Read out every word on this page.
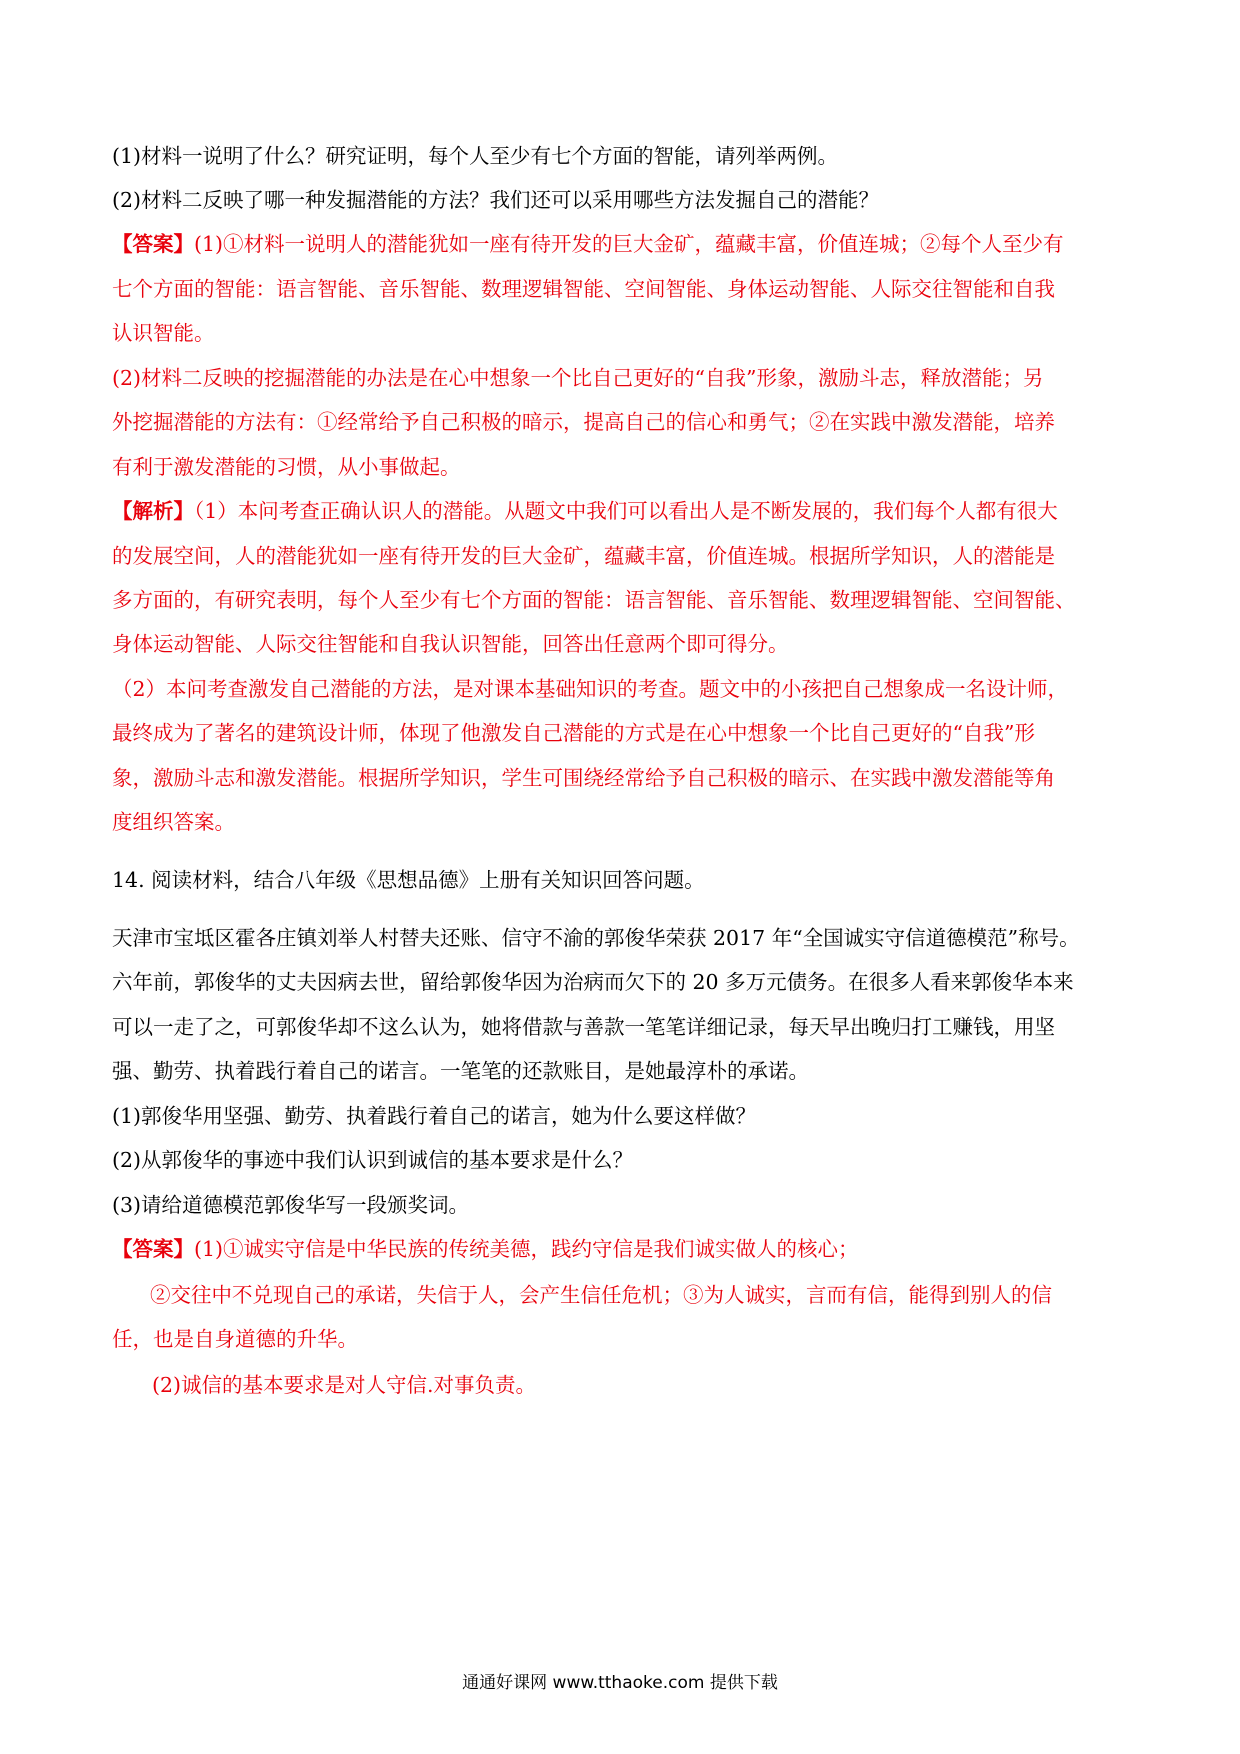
(1)材料一说明了什么？研究证明，每个人至少有七个方面的智能，请列举两例。
(2)材料二反映了哪一种发掘潜能的方法？我们还可以采用哪些方法发掘自己的潜能？
【答案】(1)①材料一说明人的潜能犹如一座有待开发的巨大金矿，蕴藏丰富，价值连城；②每个人至少有
七个方面的智能：语言智能、音乐智能、数理逻辑智能、空间智能、身体运动智能、人际交往智能和自我
认识智能。
(2)材料二反映的挖掘潜能的办法是在心中想象一个比自己更好的“自我”形象，激励斗志，释放潜能；另
外挖掘潜能的方法有：①经常给予自己积极的暗示，提高自己的信心和勇气；②在实践中激发潜能，培养
有利于激发潜能的习惯，从小事做起。
【解析】（1）本问考查正确认识人的潜能。从题文中我们可以看出人是不断发展的，我们每个人都有很大
的发展空间，人的潜能犹如一座有待开发的巨大金矿，蕴藏丰富，价值连城。根据所学知识，人的潜能是
多方面的，有研究表明，每个人至少有七个方面的智能：语言智能、音乐智能、数理逻辑智能、空间智能、
身体运动智能、人际交往智能和自我认识智能，回答出任意两个即可得分。
（2）本问考查激发自己潜能的方法，是对课本基础知识的考查。题文中的小孩把自己想象成一名设计师，
最终成为了著名的建筑设计师，体现了他激发自己潜能的方式是在心中想象一个比自己更好的“自我”形
象，激励斗志和激发潜能。根据所学知识，学生可围绕经常给予自己积极的暗示、在实践中激发潜能等角
度组织答案。
14. 阅读材料，结合八年级《思想品德》上册有关知识回答问题。
天津市宝坻区霍各庄镇刘举人村替夫还账、信守不渝的郭俊华荣获 2017 年“全国诚实守信道德模范”称号。
六年前，郭俊华的丈夫因病去世，留给郭俊华因为治病而欠下的 20 多万元债务。在很多人看来郭俊华本来
可以一走了之，可郭俊华却不这么认为，她将借款与善款一笔笔详细记录，每天早出晚归打工赚钱，用坚
强、勤劳、执着践行着自己的诺言。一笔笔的还款账目，是她最淳朴的承诺。
(1)郭俊华用坚强、勤劳、执着践行着自己的诺言，她为什么要这样做？
(2)从郭俊华的事迹中我们认识到诚信的基本要求是什么？
(3)请给道德模范郭俊华写一段颁奖词。
【答案】(1)①诚实守信是中华民族的传统美德，践约守信是我们诚实做人的核心；
②交往中不兑现自己的承诺，失信于人，会产生信任危机；③为人诚实，言而有信，能得到别人的信
任，也是自身道德的升华。
(2)诚信的基本要求是对人守信.对事负责。
通通好课网 www.tthaoke.com 提供下载
